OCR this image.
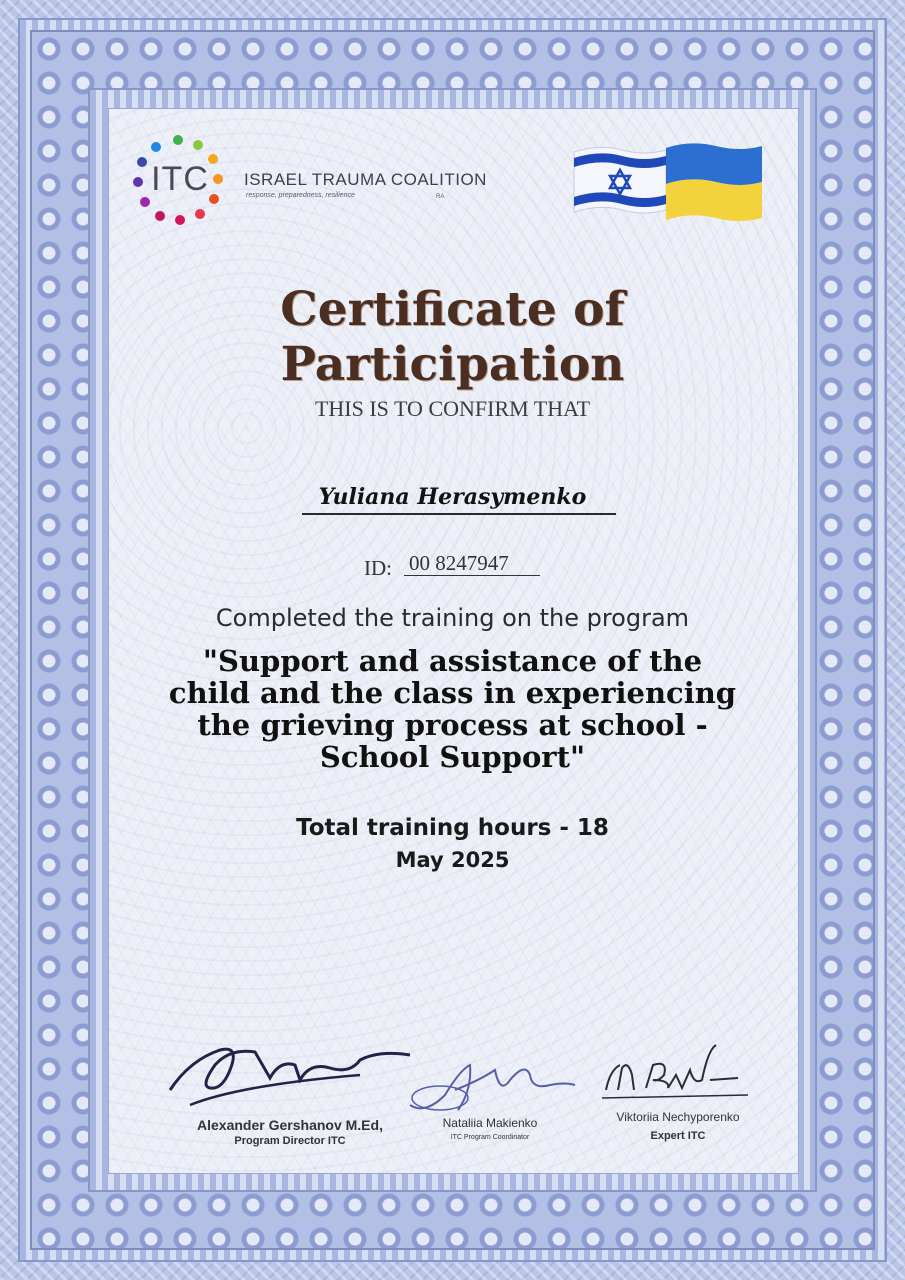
ITC ISRAEL TRAUMA COALITION
response, preparedness, resilience	RA
Certificate of Participation
THIS IS TO CONFIRM THAT
Yuliana Herasymenko
ID: 00 8247947
Completed the training on the program
"Support and assistance of the
child and the class in experiencing
the grieving process at school -
School Support"
Total training hours - 18
May 2025
Alexander Gershanov M.Ed,
Program Director ITC
Nataliia Makienko
ITC Program Coordinator
Viktoriia Nechyporenko
Expert ITC
